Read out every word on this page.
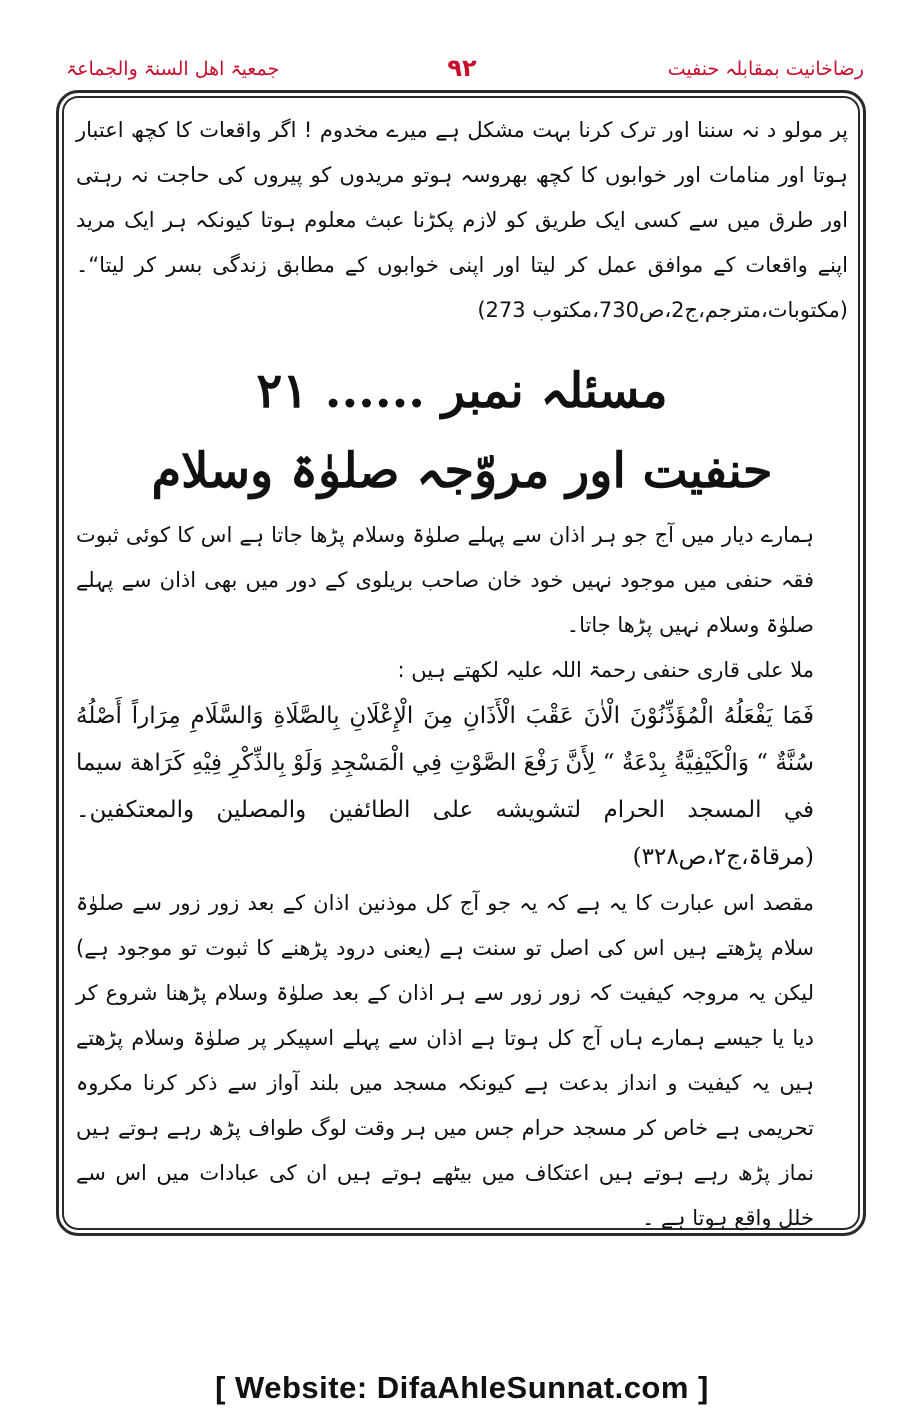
رضاخانیت بمقابلہ حنفیت
۹۲
جمعیۃ اھل السنۃ والجماعۃ

پر مولو د نہ سننا اور ترک کرنا بہت مشکل ہے میرے مخدوم ! اگر واقعات کا کچھ اعتبار ہوتا اور منامات اور خوابوں کا کچھ بھروسہ ہوتو مریدوں کو پیروں کی حاجت نہ رہتی اور طرق میں سے کسی ایک طریق کو لازم پکڑنا عبث معلوم ہوتا کیونکہ ہر ایک مرید اپنے واقعات کے موافق عمل کر لیتا اور اپنی خوابوں کے مطابق زندگی بسر کر لیتا“۔ (مکتوبات،مترجم،ج2،ص730،مکتوب 273)

مسئلہ نمبر ...... ۲۱
حنفیت اور مروّجہ صلوٰۃ وسلام

ہمارے دیار میں آج جو ہر اذان سے پہلے صلوٰۃ وسلام پڑھا جاتا ہے اس کا کوئی ثبوت فقہ حنفی میں موجود نہیں خود خان صاحب بریلوی کے دور میں بھی اذان سے پہلے صلوٰۃ وسلام نہیں پڑھا جاتا۔

ملا علی قاری حنفی رحمۃ اللہ علیہ لکھتے ہیں :

فَمَا یَفْعَلُهُ الْمُؤَذِّنُوْنَ الْاٰنَ عَقْبَ الْأَذَانِ مِنَ الْإِعْلَانِ بِالصَّلَاةِ وَالسَّلَامِ مِرَاراً أَصْلُهُ سُنَّةٌ “ وَالْکَیْفِیَّةُ بِدْعَةٌ “ لِأَنَّ رَفْعَ الصَّوْتِ فِي الْمَسْجِدِ وَلَوْ بِالذِّکْرِ فِیْهِ کَرَاهة سيما في المسجد الحرام لتشويشه على الطائفين والمصلين والمعتكفين۔ (مرقاۃ،ج۲،ص۳۲۸)

مقصد اس عبارت کا یہ ہے کہ یہ جو آج کل موذنین اذان کے بعد زور زور سے صلوٰۃ سلام پڑھتے ہیں اس کی اصل تو سنت ہے (یعنی درود پڑھنے کا ثبوت تو موجود ہے) لیکن یہ مروجہ کیفیت کہ زور زور سے ہر اذان کے بعد صلوٰۃ وسلام پڑھنا شروع کر دیا یا جیسے ہمارے ہاں آج کل ہوتا ہے اذان سے پہلے اسپیکر پر صلوٰۃ وسلام پڑھتے ہیں یہ کیفیت و انداز بدعت ہے کیونکہ مسجد میں بلند آواز سے ذکر کرنا مکروہ تحریمی ہے خاص کر مسجد حرام جس میں ہر وقت لوگ طواف پڑھ رہے ہوتے ہیں نماز پڑھ رہے ہوتے ہیں اعتکاف میں بیٹھے ہوتے ہیں ان کی عبادات میں اس سے خلل واقع ہوتا ہے ۔

[ Website: DifaAhleSunnat.com ]
